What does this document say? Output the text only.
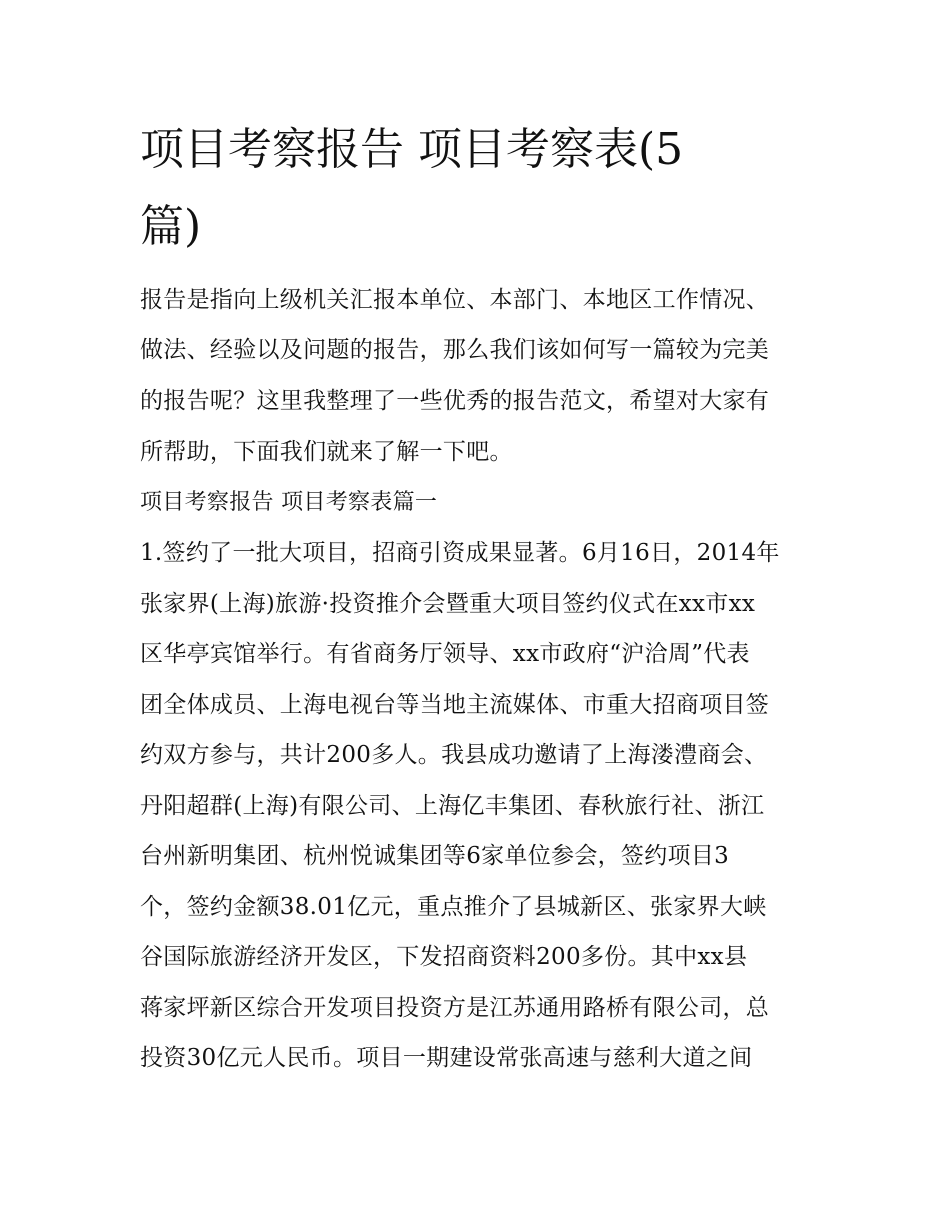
项目考察报告 项目考察表(5
篇)
报告是指向上级机关汇报本单位、本部门、本地区工作情况、
做法、经验以及问题的报告，那么我们该如何写一篇较为完美
的报告呢？这里我整理了一些优秀的报告范文，希望对大家有
所帮助，下面我们就来了解一下吧。
项目考察报告 项目考察表篇一
1.签约了一批大项目，招商引资成果显著。6月16日，2014年
张家界(上海)旅游·投资推介会暨重大项目签约仪式在xx市xx
区华亭宾馆举行。有省商务厅领导、xx市政府“沪洽周”代表
团全体成员、上海电视台等当地主流媒体、市重大招商项目签
约双方参与，共计200多人。我县成功邀请了上海溇澧商会、
丹阳超群(上海)有限公司、上海亿丰集团、春秋旅行社、浙江
台州新明集团、杭州悦诚集团等6家单位参会，签约项目3
个，签约金额38.01亿元，重点推介了县城新区、张家界大峡
谷国际旅游经济开发区，下发招商资料200多份。其中xx县
蒋家坪新区综合开发项目投资方是江苏通用路桥有限公司，总
投资30亿元人民币。项目一期建设常张高速与慈利大道之间
